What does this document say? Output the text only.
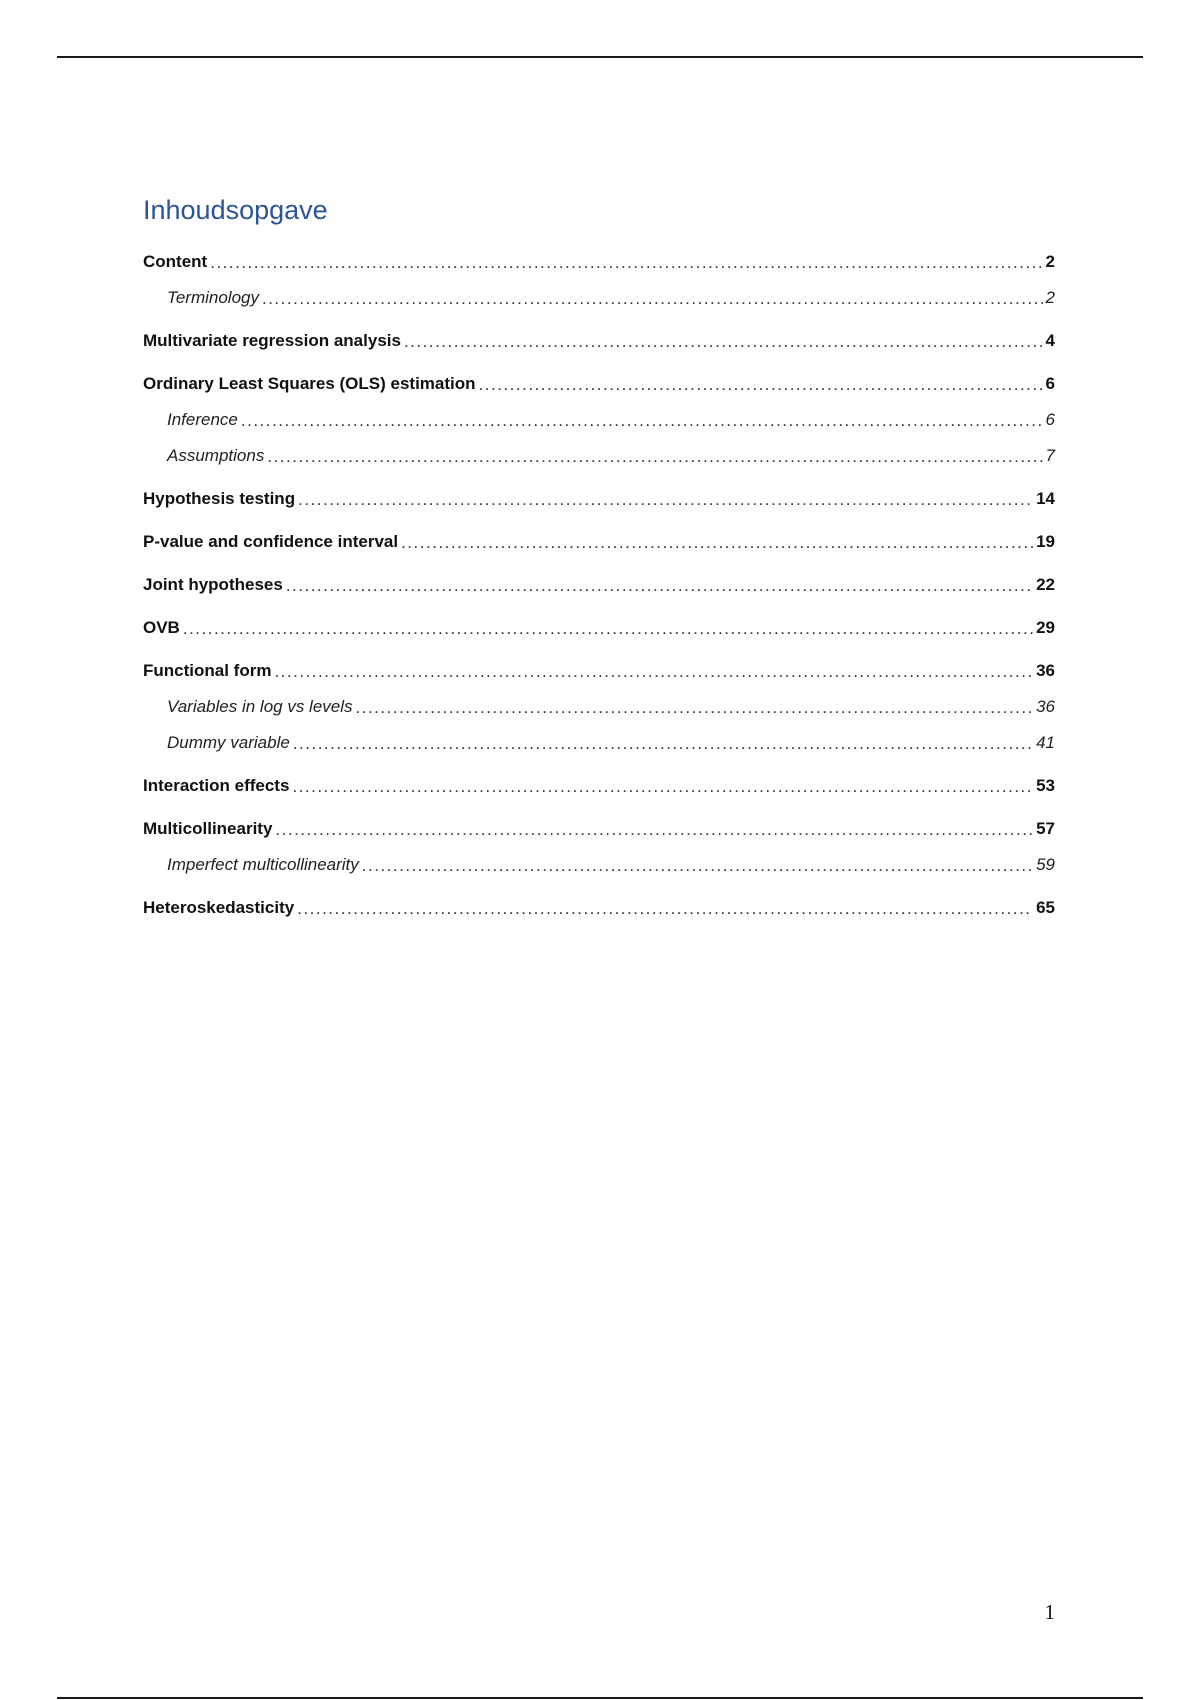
Inhoudsopgave
Content .....	2
Terminology .....	2
Multivariate regression analysis .....	4
Ordinary Least Squares (OLS) estimation .....	6
Inference .....	6
Assumptions .....	7
Hypothesis testing .....	14
P-value and confidence interval .....	19
Joint hypotheses .....	22
OVB .....	29
Functional form .....	36
Variables in log vs levels .....	36
Dummy variable .....	41
Interaction effects .....	53
Multicollinearity .....	57
Imperfect multicollinearity .....	59
Heteroskedasticity .....	65
1
